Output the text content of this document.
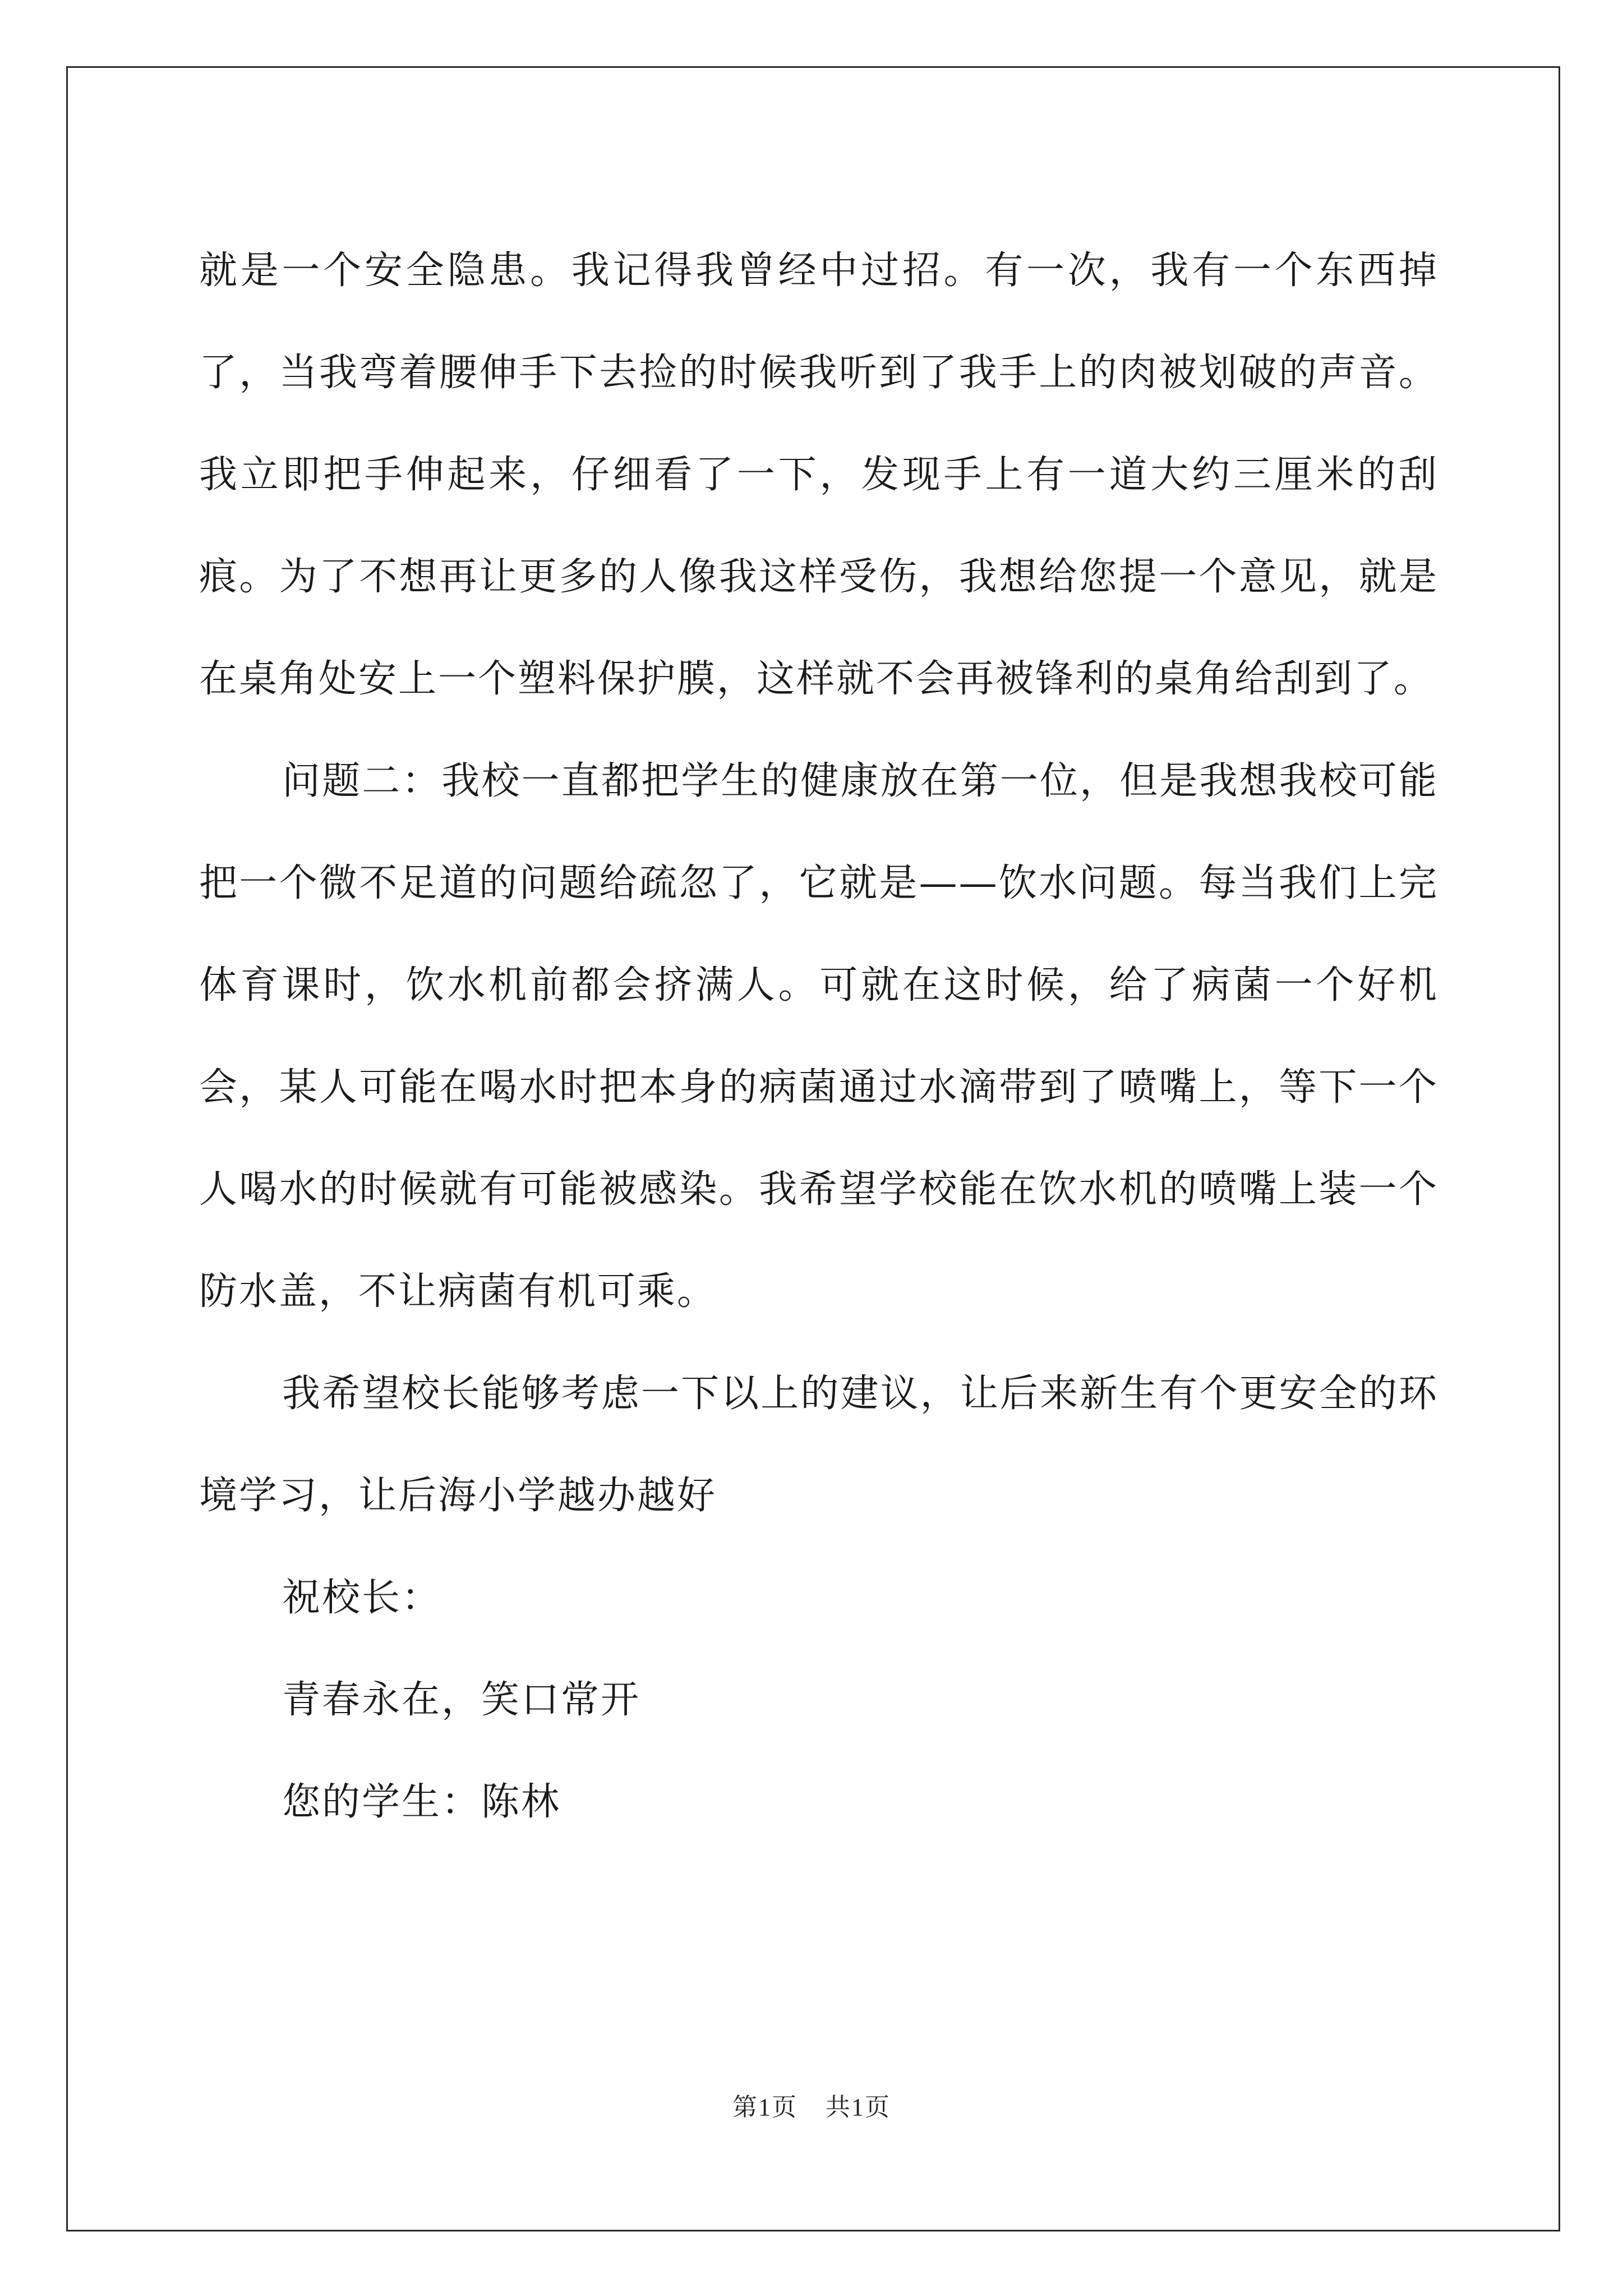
就是一个安全隐患。我记得我曾经中过招。有一次，我有一个东西掉了，当我弯着腰伸手下去捡的时候我听到了我手上的肉被划破的声音。我立即把手伸起来，仔细看了一下，发现手上有一道大约三厘米的刮痕。为了不想再让更多的人像我这样受伤，我想给您提一个意见，就是在桌角处安上一个塑料保护膜，这样就不会再被锋利的桌角给刮到了。

问题二：我校一直都把学生的健康放在第一位，但是我想我校可能把一个微不足道的问题给疏忽了，它就是——饮水问题。每当我们上完体育课时，饮水机前都会挤满人。可就在这时候，给了病菌一个好机会，某人可能在喝水时把本身的病菌通过水滴带到了喷嘴上，等下一个人喝水的时候就有可能被感染。我希望学校能在饮水机的喷嘴上装一个防水盖，不让病菌有机可乘。

我希望校长能够考虑一下以上的建议，让后来新生有个更安全的环境学习，让后海小学越办越好

祝校长：

青春永在，笑口常开

您的学生：陈林

第1页 共1页
